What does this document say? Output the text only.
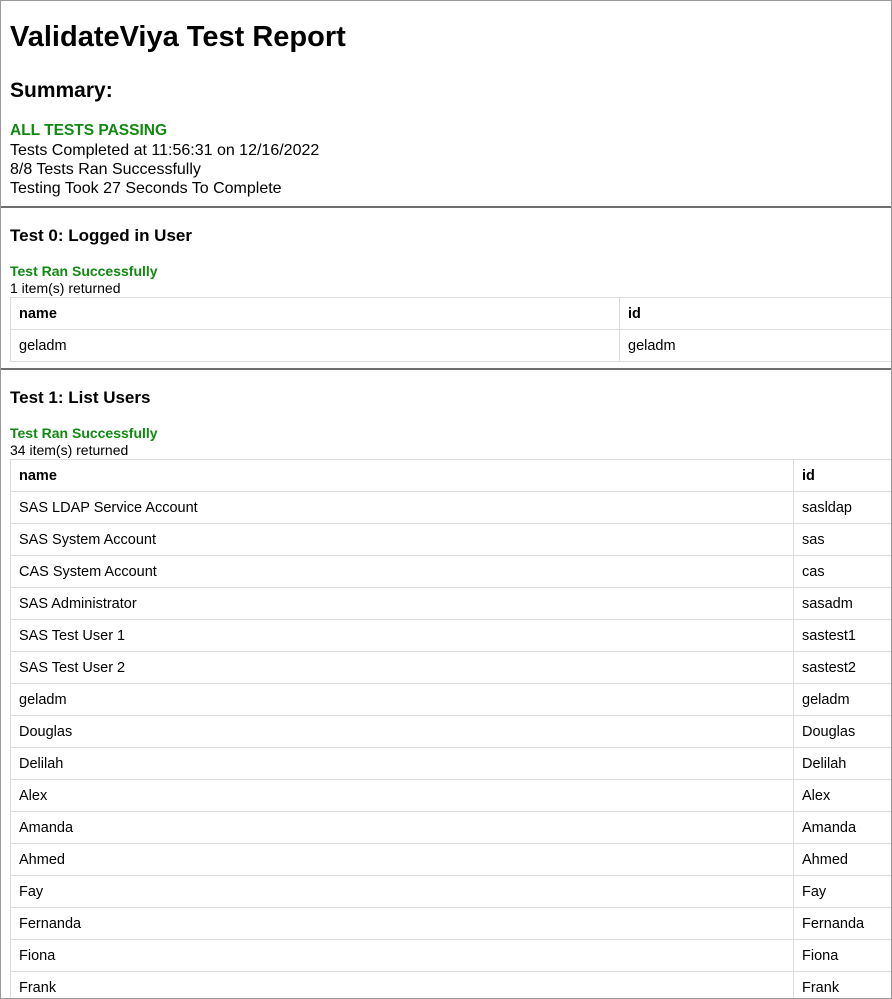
ValidateViya Test Report
Summary:
ALL TESTS PASSING
Tests Completed at 11:56:31 on 12/16/2022
8/8 Tests Ran Successfully
Testing Took 27 Seconds To Complete
Test 0: Logged in User
Test Ran Successfully
1 item(s) returned
name	id
geladm	geladm
Test 1: List Users
Test Ran Successfully
34 item(s) returned
name	id
SAS LDAP Service Account	sasldap
SAS System Account	sas
CAS System Account	cas
SAS Administrator	sasadm
SAS Test User 1	sastest1
SAS Test User 2	sastest2
geladm	geladm
Douglas	Douglas
Delilah	Delilah
Alex	Alex
Amanda	Amanda
Ahmed	Ahmed
Fay	Fay
Fernanda	Fernanda
Fiona	Fiona
Frank	Frank
